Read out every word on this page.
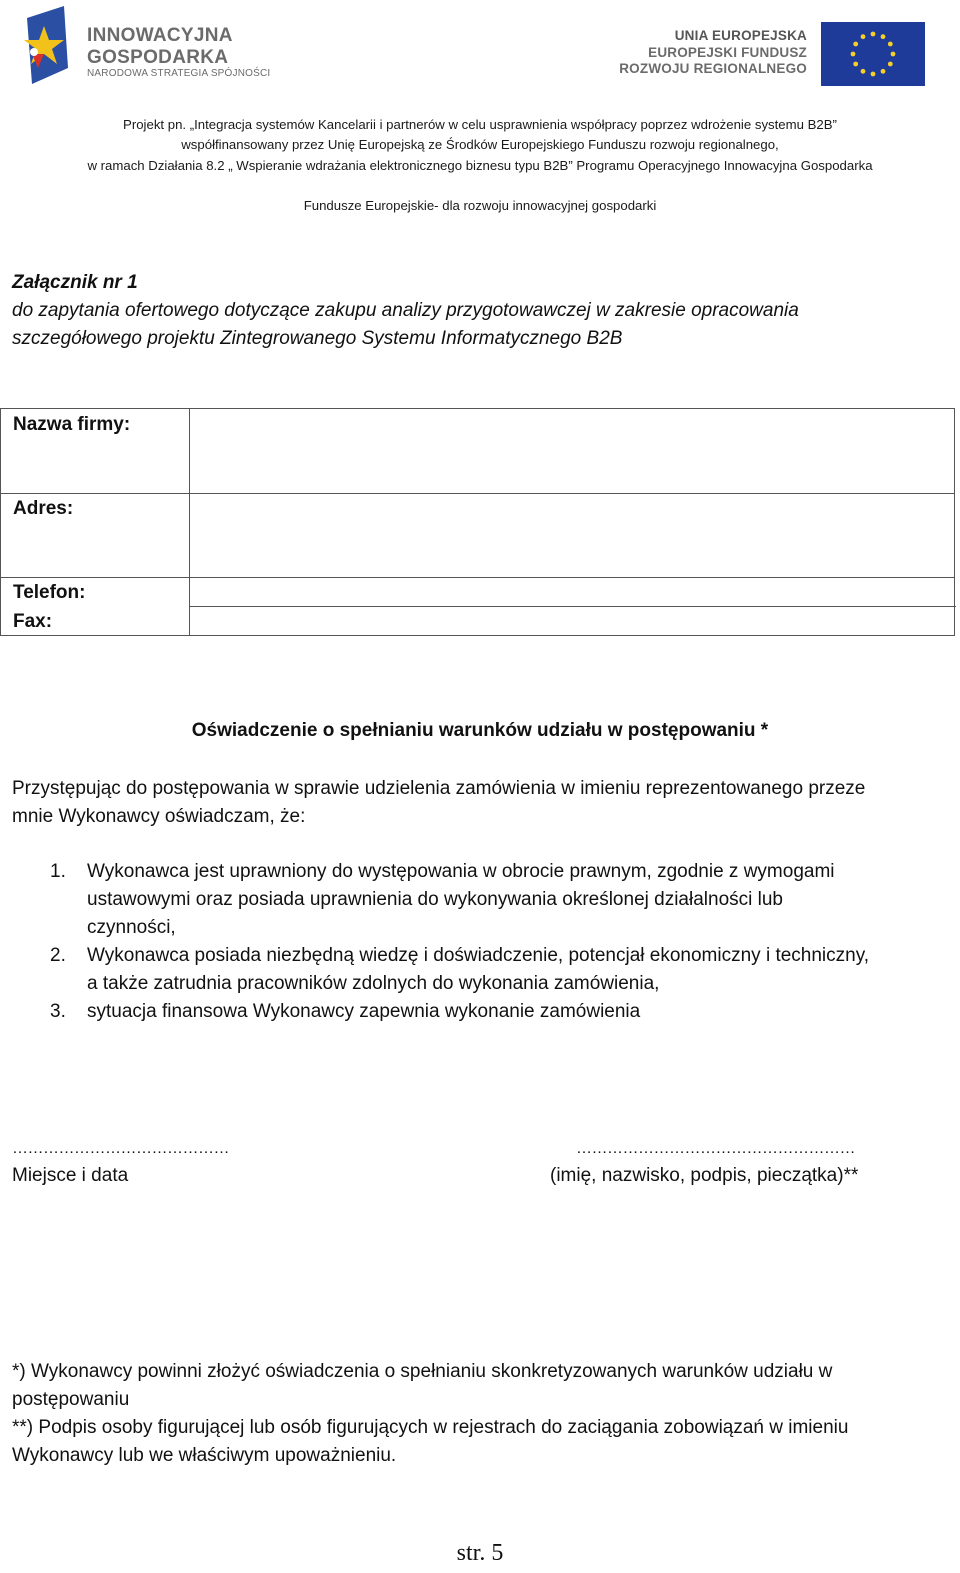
INNOWACYJNA
GOSPODARKA
NARODOWA STRATEGIA SPÓJNOŚCI
UNIA EUROPEJSKA
EUROPEJSKI FUNDUSZ
ROZWOJU REGIONALNEGO
Projekt pn. „Integracja systemów Kancelarii i partnerów w celu usprawnienia współpracy poprzez wdrożenie systemu B2B”
współfinansowany przez Unię Europejską ze Środków Europejskiego Funduszu rozwoju regionalnego,
w ramach Działania 8.2 „ Wspieranie wdrażania elektronicznego biznesu typu B2B” Programu Operacyjnego Innowacyjna Gospodarka
Fundusze Europejskie- dla rozwoju innowacyjnej gospodarki
Załącznik nr 1
do zapytania ofertowego dotyczące zakupu analizy przygotowawczej w zakresie opracowania
szczegółowego projektu Zintegrowanego Systemu Informatycznego B2B
Nazwa firmy:
Adres:
Telefon:
Fax:
Oświadczenie o spełnianiu warunków udziału w postępowaniu *
Przystępując do postępowania w sprawie udzielenia zamówienia w imieniu reprezentowanego przeze
mnie Wykonawcy oświadczam, że:
1. Wykonawca jest uprawniony do występowania w obrocie prawnym, zgodnie z wymogami
ustawowymi oraz posiada uprawnienia do wykonywania określonej działalności lub
czynności,
2. Wykonawca posiada niezbędną wiedzę i doświadczenie, potencjał ekonomiczny i techniczny,
a także zatrudnia pracowników zdolnych do wykonania zamówienia,
3. sytuacja finansowa Wykonawcy zapewnia wykonanie zamówienia
……………………………………
Miejsce i data
………………………………………………
(imię, nazwisko, podpis, pieczątka)**
*) Wykonawcy powinni złożyć oświadczenia o spełnianiu skonkretyzowanych warunków udziału w
postępowaniu
**) Podpis osoby figurującej lub osób figurujących w rejestrach do zaciągania zobowiązań w imieniu
Wykonawcy lub we właściwym upoważnieniu.
str. 5
